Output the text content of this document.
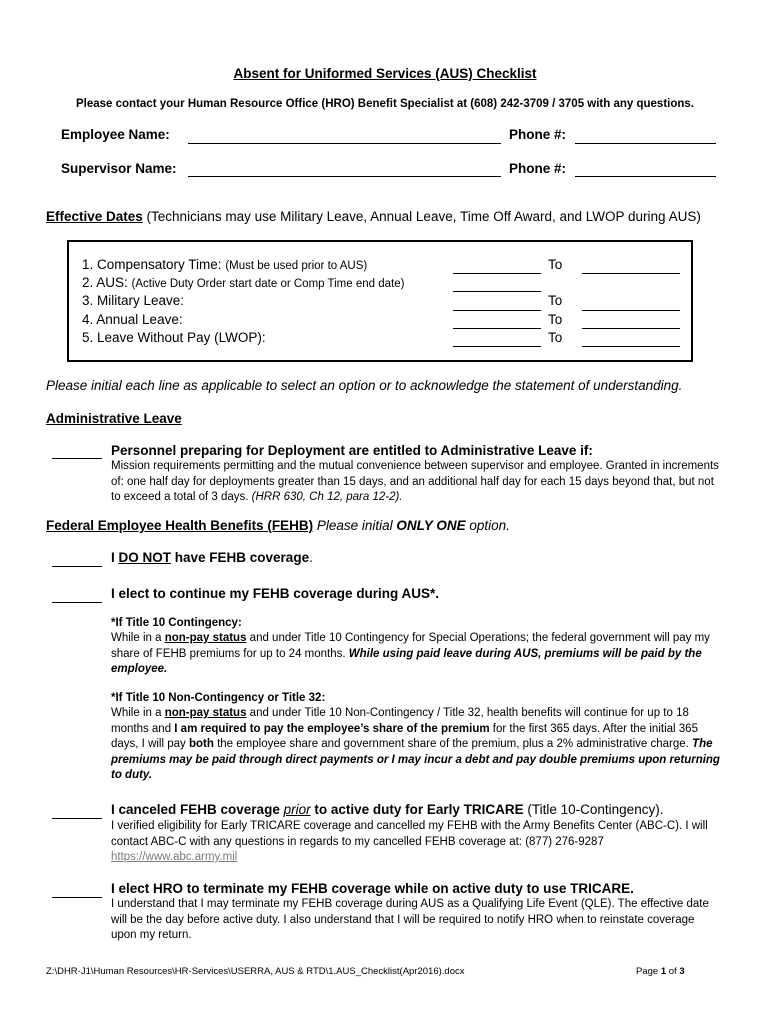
Absent for Uniformed Services (AUS) Checklist
Please contact your Human Resource Office (HRO) Benefit Specialist at (608) 242-3709 / 3705 with any questions.
Employee Name:	Phone #:
Supervisor Name:	Phone #:
Effective Dates (Technicians may use Military Leave, Annual Leave, Time Off Award, and LWOP during AUS)
1. Compensatory Time: (Must be used prior to AUS)	To
2. AUS: (Active Duty Order start date or Comp Time end date)
3. Military Leave:	To
4. Annual Leave:	To
5. Leave Without Pay (LWOP):	To
Please initial each line as applicable to select an option or to acknowledge the statement of understanding.
Administrative Leave
Personnel preparing for Deployment are entitled to Administrative Leave if:
Mission requirements permitting and the mutual convenience between supervisor and employee. Granted in increments of: one half day for deployments greater than 15 days, and an additional half day for each 15 days beyond that, but not to exceed a total of 3 days. (HRR 630, Ch 12, para 12-2).
Federal Employee Health Benefits (FEHB) Please initial ONLY ONE option.
I DO NOT have FEHB coverage.
I elect to continue my FEHB coverage during AUS*.
*If Title 10 Contingency:
While in a non-pay status and under Title 10 Contingency for Special Operations; the federal government will pay my share of FEHB premiums for up to 24 months. While using paid leave during AUS, premiums will be paid by the employee.
*If Title 10 Non-Contingency or Title 32:
While in a non-pay status and under Title 10 Non-Contingency / Title 32, health benefits will continue for up to 18 months and I am required to pay the employee’s share of the premium for the first 365 days. After the initial 365 days, I will pay both the employee share and government share of the premium, plus a 2% administrative charge. The premiums may be paid through direct payments or I may incur a debt and pay double premiums upon returning to duty.
I canceled FEHB coverage prior to active duty for Early TRICARE (Title 10-Contingency).
I verified eligibility for Early TRICARE coverage and cancelled my FEHB with the Army Benefits Center (ABC-C). I will contact ABC-C with any questions in regards to my cancelled FEHB coverage at: (877) 276-9287 https://www.abc.army.mil
I elect HRO to terminate my FEHB coverage while on active duty to use TRICARE.
I understand that I may terminate my FEHB coverage during AUS as a Qualifying Life Event (QLE). The effective date will be the day before active duty. I also understand that I will be required to notify HRO when to reinstate coverage upon my return.
Z:\DHR-J1\Human Resources\HR-Services\USERRA, AUS & RTD\1.AUS_Checklist(Apr2016).docx	Page 1 of 3
